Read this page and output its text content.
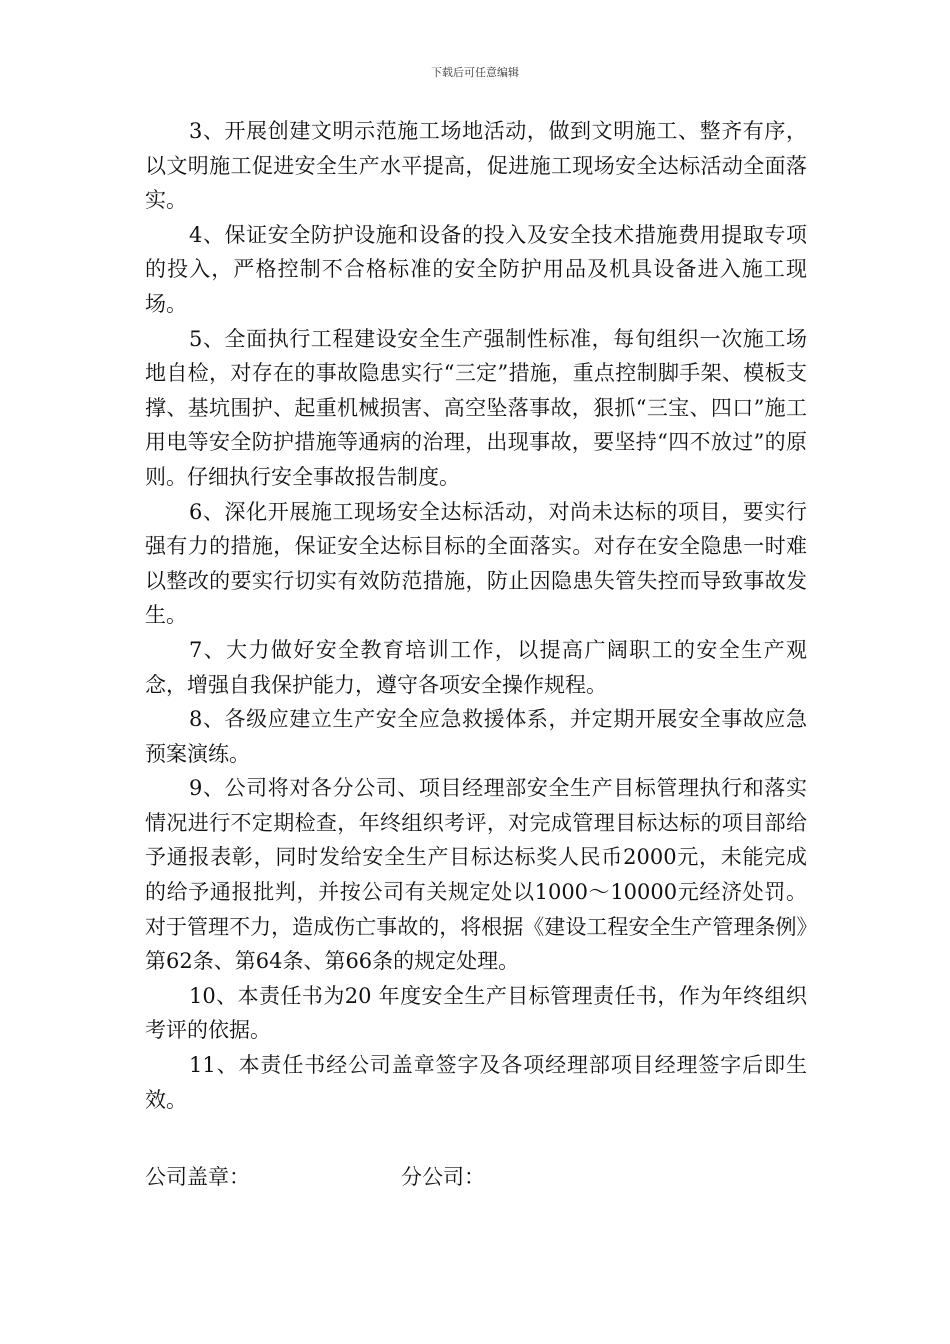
下载后可任意编辑

3、开展创建文明示范施工场地活动，做到文明施工、整齐有序，以文明施工促进安全生产水平提高，促进施工现场安全达标活动全面落实。

4、保证安全防护设施和设备的投入及安全技术措施费用提取专项的投入，严格控制不合格标准的安全防护用品及机具设备进入施工现场。

5、全面执行工程建设安全生产强制性标准，每旬组织一次施工场地自检，对存在的事故隐患实行“三定”措施，重点控制脚手架、模板支撑、基坑围护、起重机械损害、高空坠落事故，狠抓“三宝、四口”施工用电等安全防护措施等通病的治理，出现事故，要坚持“四不放过”的原则。仔细执行安全事故报告制度。

6、深化开展施工现场安全达标活动，对尚未达标的项目，要实行强有力的措施，保证安全达标目标的全面落实。对存在安全隐患一时难以整改的要实行切实有效防范措施，防止因隐患失管失控而导致事故发生。

7、大力做好安全教育培训工作，以提高广阔职工的安全生产观念，增强自我保护能力，遵守各项安全操作规程。

8、各级应建立生产安全应急救援体系，并定期开展安全事故应急预案演练。

9、公司将对各分公司、项目经理部安全生产目标管理执行和落实情况进行不定期检查，年终组织考评，对完成管理目标达标的项目部给予通报表彰，同时发给安全生产目标达标奖人民币2000元，未能完成的给予通报批判，并按公司有关规定处以1000～10000元经济处罚。对于管理不力，造成伤亡事故的，将根据《建设工程安全生产管理条例》第62条、第64条、第66条的规定处理。

10、本责任书为20 年度安全生产目标管理责任书，作为年终组织考评的依据。

11、本责任书经公司盖章签字及各项经理部项目经理签字后即生效。

公司盖章：	分公司：
